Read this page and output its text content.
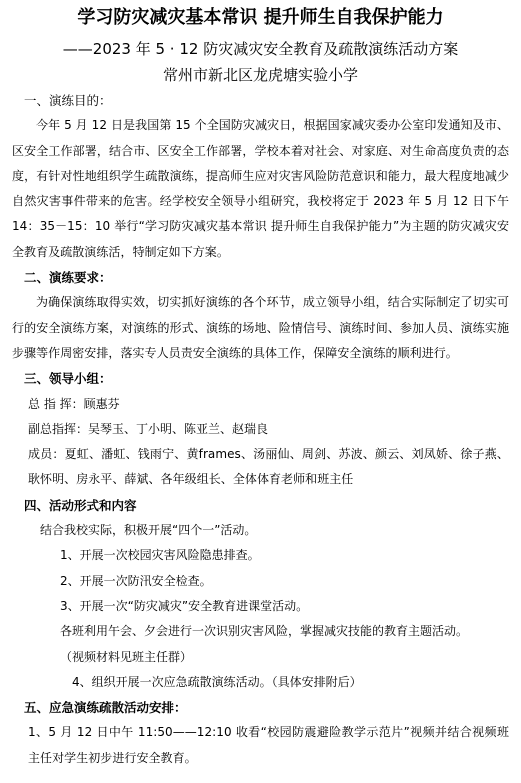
学习防灾减灾基本常识 提升师生自我保护能力
——2023 年 5 · 12 防灾减灾安全教育及疏散演练活动方案
常州市新北区龙虎塘实验小学
一、演练目的：
今年 5 月 12 日是我国第 15 个全国防灾减灾日，根据国家减灾委办公室印发通知及市、区安全工作部署，结合市、区安全工作部署，学校本着对社会、对家庭、对生命高度负责的态度，有针对性地组织学生疏散演练，提高师生应对灾害风险防范意识和能力，最大程度地减少自然灾害事件带来的危害。经学校安全领导小组研究，我校将定于 2023 年 5 月 12 日下午 14：35－15：10 举行“学习防灾减灾基本常识 提升师生自我保护能力”为主题的防灾减灾安全教育及疏散演练活，特制定如下方案。
二、演练要求：
为确保演练取得实效，切实抓好演练的各个环节，成立领导小组，结合实际制定了切实可行的安全演练方案，对演练的形式、演练的场地、险情信号、演练时间、参加人员、演练实施步骤等作周密安排，落实专人员责安全演练的具体工作，保障安全演练的顺利进行。
三、领导小组：
总 指 挥：顾惠芬
副总指挥：吴琴玉、丁小明、陈亚兰、赵瑞良
成员：夏虹、潘虹、钱雨宁、黄frames、汤丽仙、周剑、苏波、颜云、刘凤娇、徐子燕、耿怀明、房永平、薛斌、各年级组长、全体体育老师和班主任
四、活动形式和内容
结合我校实际，积极开展“四个一”活动。
1、开展一次校园灾害风险隐患排查。
2、开展一次防汛安全检查。
3、开展一次“防灾减灾”安全教育进课堂活动。
各班利用午会、夕会进行一次识别灾害风险，掌握减灾技能的教育主题活动。
（视频材料见班主任群）
4、组织开展一次应急疏散演练活动。（具体安排附后）
五、应急演练疏散活动安排：
1、5 月 12 日中午 11:50——12:10 收看“校园防震避险教学示范片”视频并结合视频班主任对学生初步进行安全教育。
